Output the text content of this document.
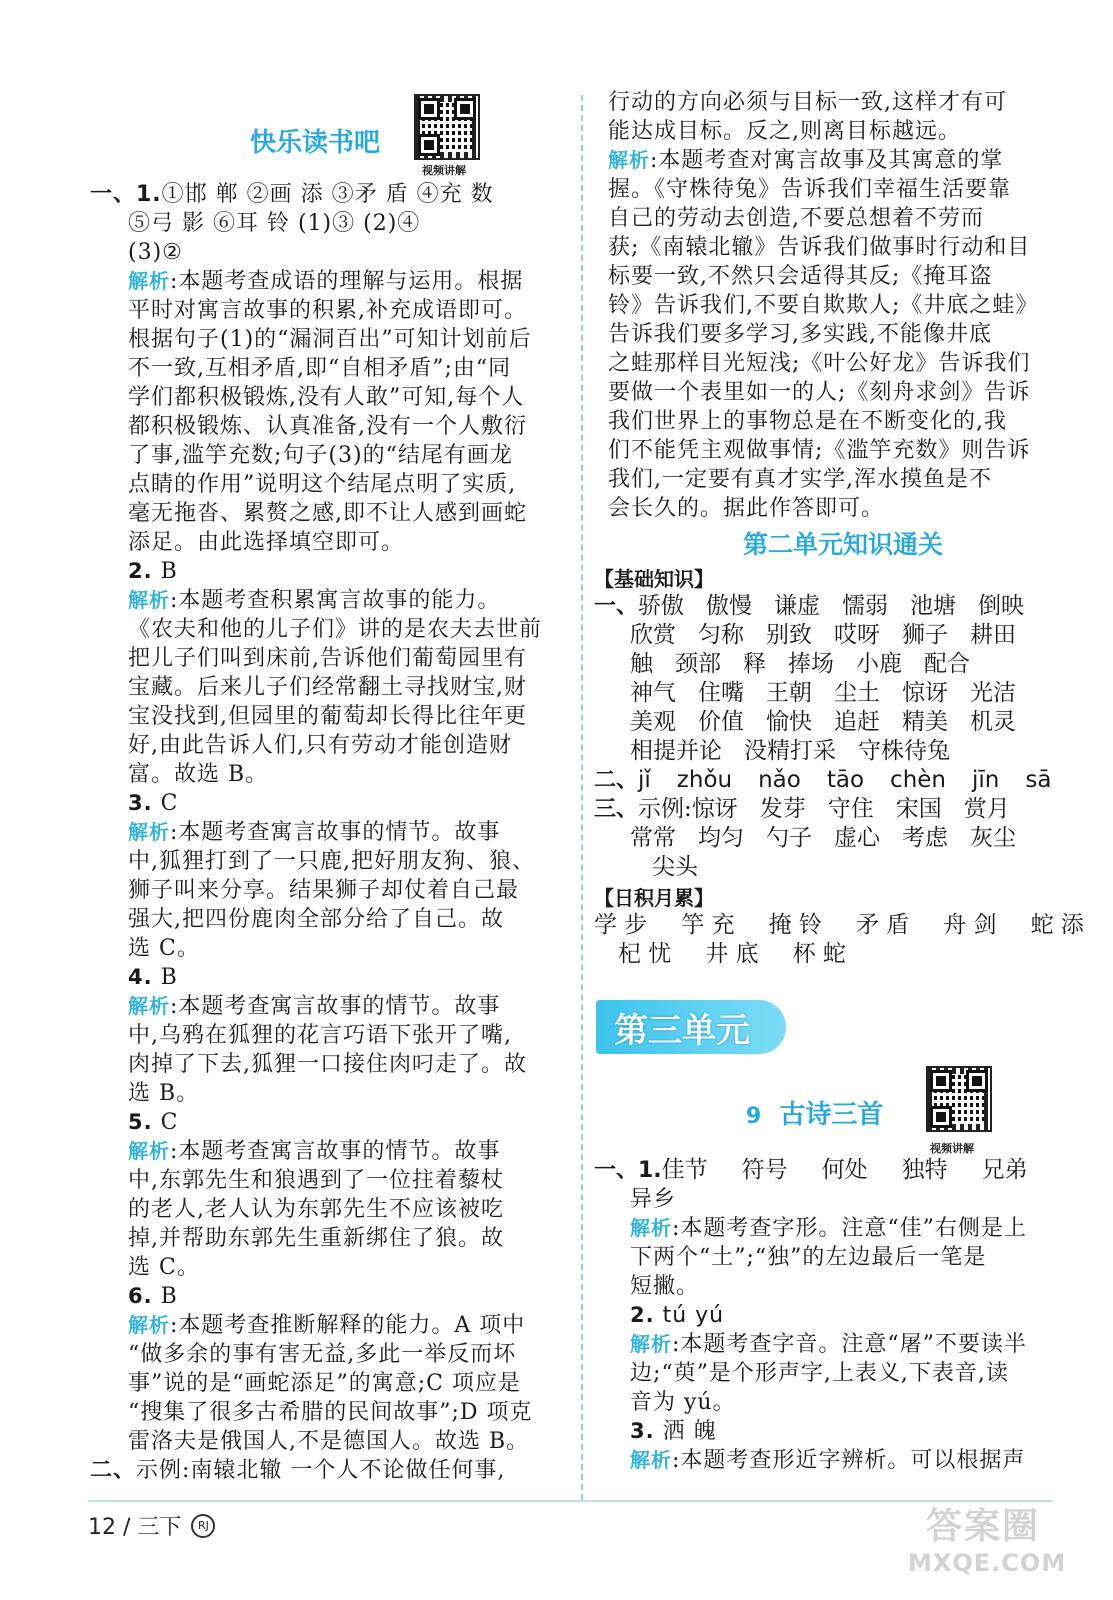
快乐读书吧
视频讲解
一、1.①邯 郸 ②画 添 ③矛 盾 ④充 数
⑤弓 影 ⑥耳 铃 (1)③ (2)④
(3)②
解析:本题考查成语的理解与运用。根据
平时对寓言故事的积累,补充成语即可。
根据句子(1)的“漏洞百出”可知计划前后
不一致,互相矛盾,即“自相矛盾”;由“同
学们都积极锻炼,没有人敢”可知,每个人
都积极锻炼、认真准备,没有一个人敷衍
了事,滥竽充数;句子(3)的“结尾有画龙
点睛的作用”说明这个结尾点明了实质,
毫无拖沓、累赘之感,即不让人感到画蛇
添足。由此选择填空即可。
2. B
解析:本题考查积累寓言故事的能力。
《农夫和他的儿子们》讲的是农夫去世前
把儿子们叫到床前,告诉他们葡萄园里有
宝藏。后来儿子们经常翻土寻找财宝,财
宝没找到,但园里的葡萄却长得比往年更
好,由此告诉人们,只有劳动才能创造财
富。故选 B。
3. C
解析:本题考查寓言故事的情节。故事
中,狐狸打到了一只鹿,把好朋友狗、狼、
狮子叫来分享。结果狮子却仗着自己最
强大,把四份鹿肉全部分给了自己。故
选 C。
4. B
解析:本题考查寓言故事的情节。故事
中,乌鸦在狐狸的花言巧语下张开了嘴,
肉掉了下去,狐狸一口接住肉叼走了。故
选 B。
5. C
解析:本题考查寓言故事的情节。故事
中,东郭先生和狼遇到了一位拄着藜杖
的老人,老人认为东郭先生不应该被吃
掉,并帮助东郭先生重新绑住了狼。故
选 C。
6. B
解析:本题考查推断解释的能力。A 项中
“做多余的事有害无益,多此一举反而坏
事”说的是“画蛇添足”的寓意;C 项应是
“搜集了很多古希腊的民间故事”;D 项克
雷洛夫是俄国人,不是德国人。故选 B。
二、示例:南辕北辙 一个人不论做任何事,
行动的方向必须与目标一致,这样才有可
能达成目标。反之,则离目标越远。
解析:本题考查对寓言故事及其寓意的掌
握。《守株待兔》告诉我们幸福生活要靠
自己的劳动去创造,不要总想着不劳而
获;《南辕北辙》告诉我们做事时行动和目
标要一致,不然只会适得其反;《掩耳盗
铃》告诉我们,不要自欺欺人;《井底之蛙》
告诉我们要多学习,多实践,不能像井底
之蛙那样目光短浅;《叶公好龙》告诉我们
要做一个表里如一的人;《刻舟求剑》告诉
我们世界上的事物总是在不断变化的,我
们不能凭主观做事情;《滥竽充数》则告诉
我们,一定要有真才实学,浑水摸鱼是不
会长久的。据此作答即可。
第二单元知识通关
【基础知识】
一、骄傲 傲慢 谦虚 懦弱 池塘 倒映
欣赏 匀称 别致 哎呀 狮子 耕田
触 颈部 释 捧场 小鹿 配合
神气 住嘴 王朝 尘土 惊讶 光洁
美观 价值 愉快 追赶 精美 机灵
相提并论 没精打采 守株待兔
二、jǐ zhǒu nǎo tāo chèn jīn sā
三、示例:惊讶 发芽 守住 宋国 赏月
常常 均匀 勺子 虚心 考虑 灰尘
尖头
【日积月累】
学 步 竽 充 掩 铃 矛 盾 舟 剑 蛇 添
杞 忧 井 底 杯 蛇
第三单元
9 古诗三首
视频讲解
一、1.佳节 符号 何处 独特 兄弟
异乡
解析:本题考查字形。注意“佳”右侧是上
下两个“土”;“独”的左边最后一笔是
短撇。
2. tú yú
解析:本题考查字音。注意“屠”不要读半
边;“萸”是个形声字,上表义,下表音,读
音为 yú。
3. 洒 魄
解析:本题考查形近字辨析。可以根据声
12 / 三下	RJ	答案圈
MXQE.COM
